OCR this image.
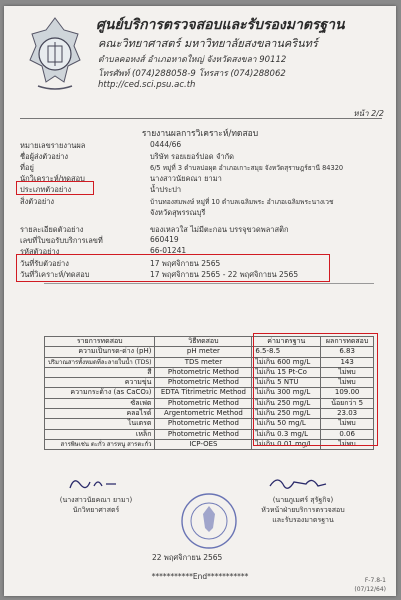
ศูนย์บริการตรวจสอบและรับรองมาตรฐาน
คณะวิทยาศาสตร์ มหาวิทยาลัยสงขลานครินทร์
ตำบลคอหงส์ อำเภอหาดใหญ่ จังหวัดสงขลา 90112
โทรศัพท์ (074)288058-9 โทรสาร (074)288062
http://ced.sci.psu.ac.th
หน้า 2/2
รายงานผลการวิเคราะห์/ทดสอบ
หมายเลขรายงานผล	0444/66
ชื่อผู้ส่งตัวอย่าง	บริษัท รอยเยอร์ปอด จำกัด
ที่อยู่	6/5 หมู่ที่ 3 ตำบลบ่อผุด อำเภอเกาะสมุย จังหวัดสุราษฎร์ธานี 84320
นักวิเคราะห์/ทดสอบ	นางสาวนัยคณา ยามา
ประเภทตัวอย่าง	น้ำประปา
สิ่งตัวอย่าง	บ้านทองสมพงษ์ หมู่ที่ 10 ตำบลเฉลิมพระ อำเภอเฉลิมพระนางเวช
จังหวัดสุพรรณบุรี
รายละเอียดตัวอย่าง	ของเหลวใส ไม่มีตะกอน บรรจุขวดพลาสติก
เลขที่ใบขอรับบริการเลขที่	660419
รหัสตัวอย่าง	66-01241
วันที่รับตัวอย่าง	17 พฤศจิกายน 2565
วันที่วิเคราะห์/ทดสอบ	17 พฤศจิกายน 2565 - 22 พฤศจิกายน 2565
รายการทดสอบ	วิธีทดสอบ	ค่ามาตรฐาน	ผลการทดสอบ
ความเป็นกรด-ด่าง (pH)	pH meter	6.5-8.5	6.83
ปริมาณสารทั้งหมดที่ละลายในน้ำ (TDS)	TDS meter	ไม่เกิน 600 mg/L	143
สี	Photometric Method	ไม่เกิน 15 Pt-Co	ไม่พบ
ความขุ่น	Photometric Method	ไม่เกิน 5 NTU	ไม่พบ
ความกระด้าง (as CaCO₃)	EDTA Titrimetric Method	ไม่เกิน 300 mg/L	109.00
ซัลเฟต	Photometric Method	ไม่เกิน 250 mg/L	น้อยกว่า 5
คลอไรด์	Argentometric Method	ไม่เกิน 250 mg/L	23.03
ไนเตรต	Photometric Method	ไม่เกิน 50 mg/L	ไม่พบ
เหล็ก	Photometric Method	ไม่เกิน 0.3 mg/L	0.06
สารพิษเช่น ตะกั่ว สารหนู สารตะกั่ว	ICP-OES	ไม่เกิน 0.01 mg/L	ไม่พบ
(นางสาวนัยคณา ยามา)
นักวิทยาศาสตร์
(นายภูเมศร์ สุรัฐกิจ)
หัวหน้าฝ่ายบริการตรวจสอบ
และรับรองมาตรฐาน
22 พฤศจิกายน 2565
***********End***********	F-7.8-1
(07/12/64)
